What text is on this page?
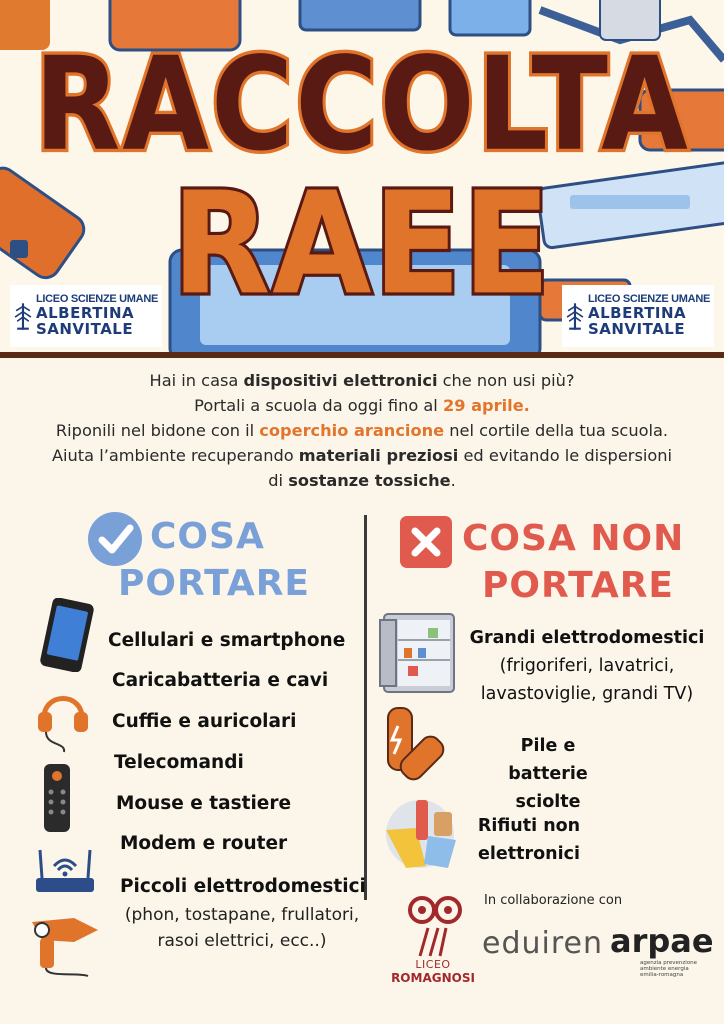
RACCOLTA
RAEE
LICEO SCIENZE UMANE
ALBERTINA
SANVITALE
LICEO SCIENZE UMANE
ALBERTINA
SANVITALE
Hai in casa dispositivi elettronici che non usi più?
Portali a scuola da oggi fino al 29 aprile.
Riponili nel bidone con il coperchio arancione nel cortile della tua scuola.
Aiuta l’ambiente recuperando materiali preziosi ed evitando le dispersioni
di sostanze tossiche.
COSA
PORTARE
COSA NON
PORTARE
Cellulari e smartphone
Caricabatteria e cavi
Cuffie e auricolari
Telecomandi
Mouse e tastiere
Modem e router
Piccoli elettrodomestici
(phon, tostapane, frullatori,
rasoi elettrici, ecc..)
Grandi elettrodomestici
(frigoriferi, lavatrici,
lavastoviglie, grandi TV)
Pile e batterie
sciolte
Rifiuti non
elettronici
LICEO
ROMAGNOSI
In collaborazione con
eduiren arpae
agenzia prevenzione ambiente energia emilia-romagna
